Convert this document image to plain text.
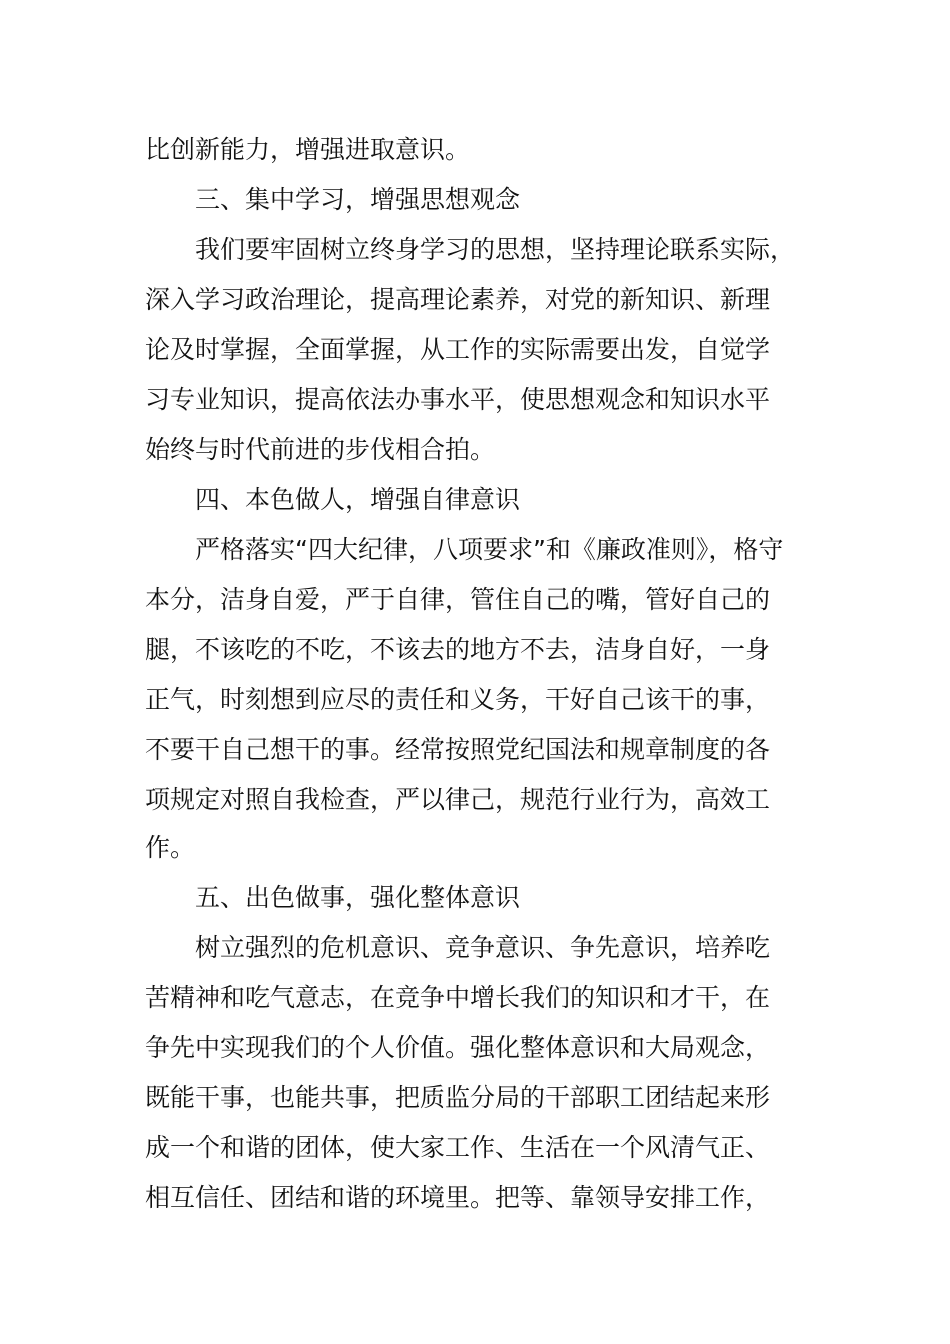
比创新能力，增强进取意识。
三、集中学习，增强思想观念
我们要牢固树立终身学习的思想，坚持理论联系实际，
深入学习政治理论，提高理论素养，对党的新知识、新理
论及时掌握，全面掌握，从工作的实际需要出发，自觉学
习专业知识，提高依法办事水平，使思想观念和知识水平
始终与时代前进的步伐相合拍。
四、本色做人，增强自律意识
严格落实“四大纪律，八项要求”和《廉政准则》，格守
本分，洁身自爱，严于自律，管住自己的嘴，管好自己的
腿，不该吃的不吃，不该去的地方不去，洁身自好，一身
正气，时刻想到应尽的责任和义务，干好自己该干的事，
不要干自己想干的事。经常按照党纪国法和规章制度的各
项规定对照自我检查，严以律己，规范行业行为，高效工
作。
五、出色做事，强化整体意识
树立强烈的危机意识、竞争意识、争先意识，培养吃
苦精神和吃气意志，在竞争中增长我们的知识和才干，在
争先中实现我们的个人价值。强化整体意识和大局观念，
既能干事，也能共事，把质监分局的干部职工团结起来形
成一个和谐的团体，使大家工作、生活在一个风清气正、
相互信任、团结和谐的环境里。把等、靠领导安排工作，
